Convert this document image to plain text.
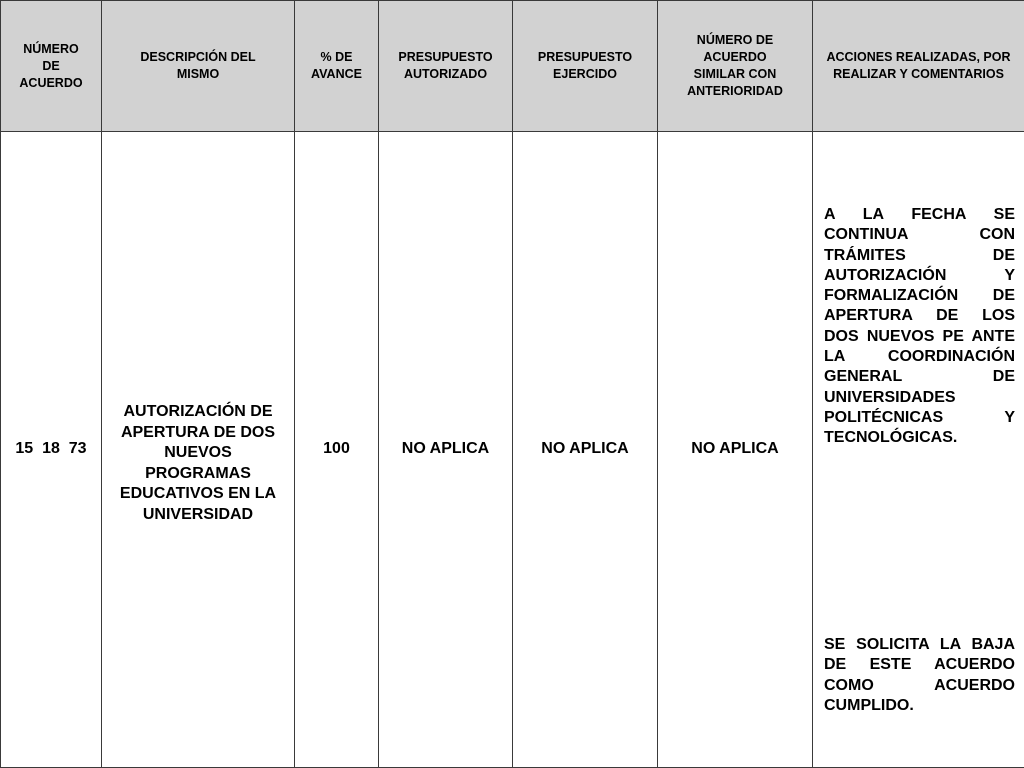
NÚMERO DE ACUERDO	DESCRIPCIÓN DEL MISMO	% DE AVANCE	PRESUPUESTO AUTORIZADO	PRESUPUESTO EJERCIDO	NÚMERO DE ACUERDO SIMILAR CON ANTERIORIDAD	ACCIONES REALIZADAS, POR REALIZAR Y COMENTARIOS

15  18  73	AUTORIZACIÓN DE APERTURA DE DOS NUEVOS PROGRAMAS EDUCATIVOS EN LA UNIVERSIDAD	100	NO APLICA	NO APLICA	NO APLICA	A LA FECHA SE CONTINUA CON TRÁMITES DE AUTORIZACIÓN Y FORMALIZACIÓN DE APERTURA DE LOS DOS NUEVOS PE ANTE LA COORDINACIÓN GENERAL DE UNIVERSIDADES POLITÉCNICAS Y TECNOLÓGICAS.
SE SOLICITA LA BAJA DE ESTE ACUERDO COMO ACUERDO CUMPLIDO.
